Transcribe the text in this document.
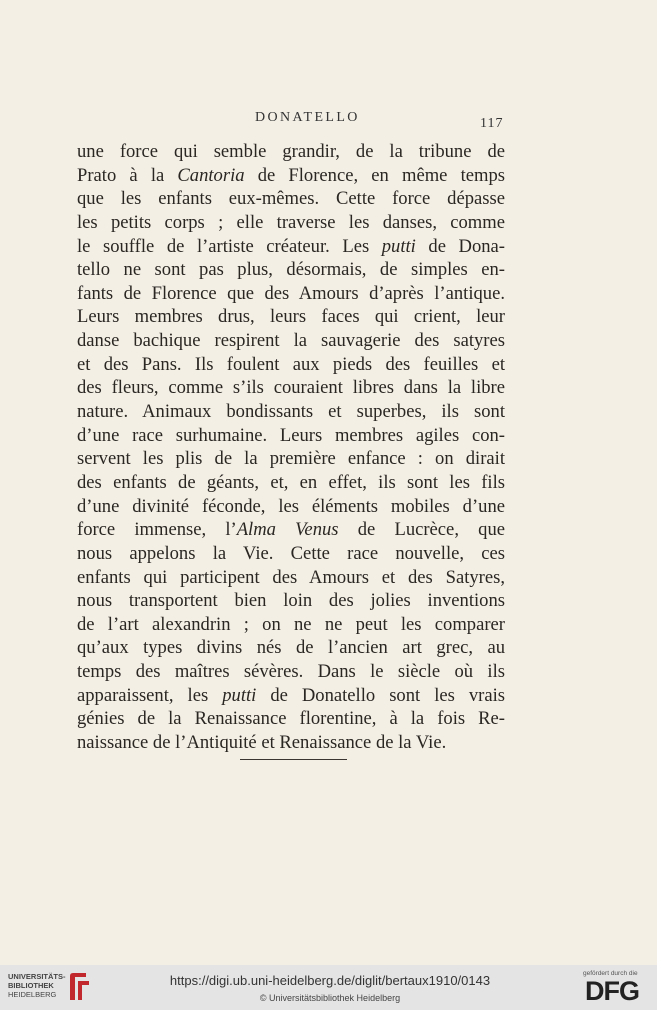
DONATELLO	117
une force qui semble grandir, de la tribune de
Prato à la Cantoria de Florence, en même temps
que les enfants eux-mêmes. Cette force dépasse
les petits corps ; elle traverse les danses, comme
le souffle de l’artiste créateur. Les putti de Dona-
tello ne sont pas plus, désormais, de simples en-
fants de Florence que des Amours d’après l’antique.
Leurs membres drus, leurs faces qui crient, leur
danse bachique respirent la sauvagerie des satyres
et des Pans. Ils foulent aux pieds des feuilles et
des fleurs, comme s’ils couraient libres dans la libre
nature. Animaux bondissants et superbes, ils sont
d’une race surhumaine. Leurs membres agiles con-
servent les plis de la première enfance : on dirait
des enfants de géants, et, en effet, ils sont les fils
d’une divinité féconde, les éléments mobiles d’une
force immense, l’Alma Venus de Lucrèce, que
nous appelons la Vie. Cette race nouvelle, ces
enfants qui participent des Amours et des Satyres,
nous transportent bien loin des jolies inventions
de l’art alexandrin ; on ne ne peut les comparer
qu’aux types divins nés de l’ancien art grec, au
temps des maîtres sévères. Dans le siècle où ils
apparaissent, les putti de Donatello sont les vrais
génies de la Renaissance florentine, à la fois Re-
naissance de l’Antiquité et Renaissance de la Vie.
UNIVERSITÄTS-
BIBLIOTHEK
HEIDELBERG
https://digi.ub.uni-heidelberg.de/diglit/bertaux1910/0143
© Universitätsbibliothek Heidelberg
gefördert durch die
DFG
